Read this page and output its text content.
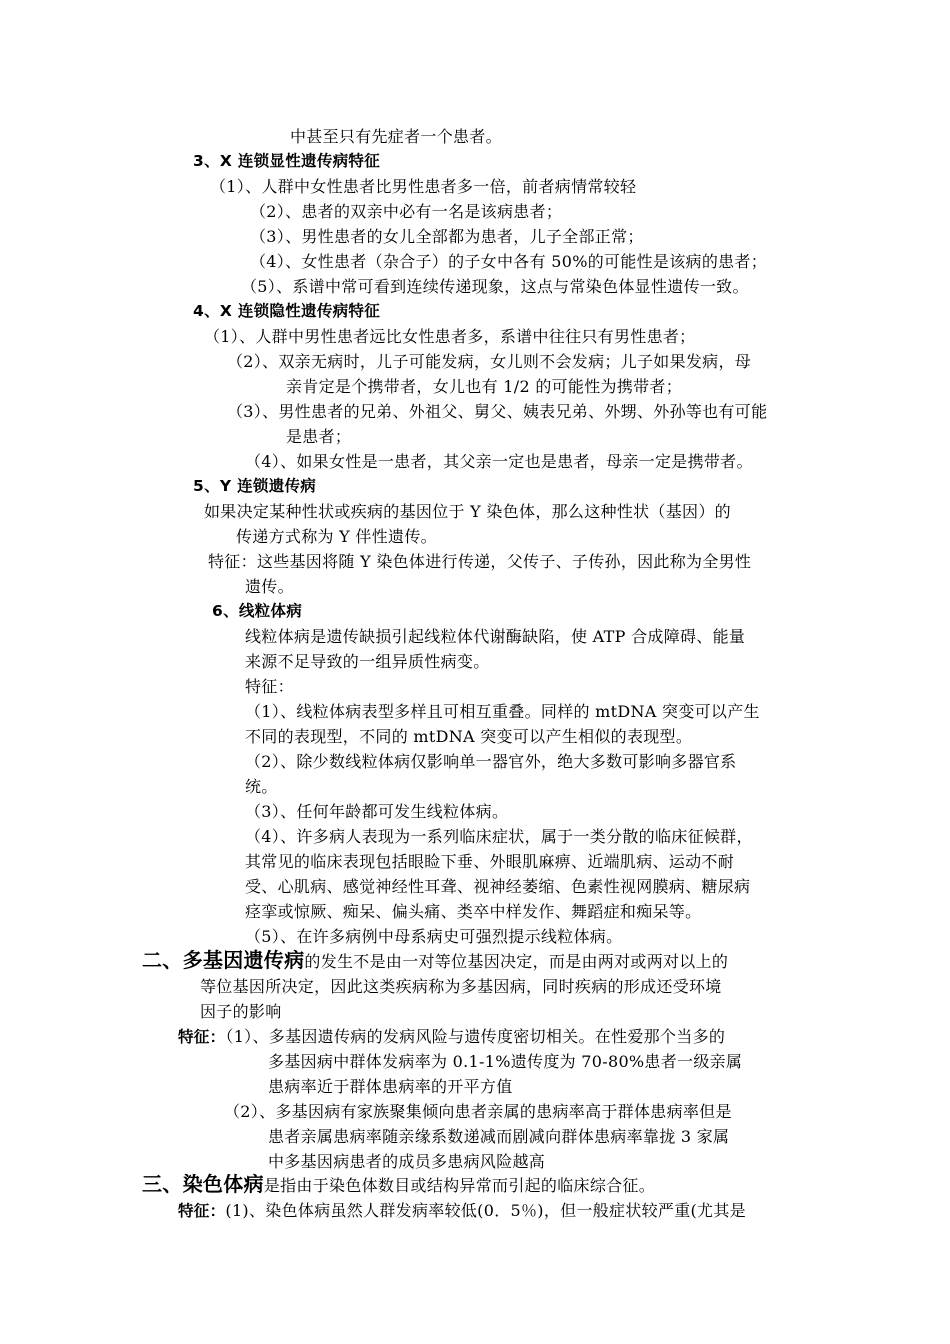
中甚至只有先症者一个患者。
3、X 连锁显性遗传病特征
（1）、人群中女性患者比男性患者多一倍，前者病情常较轻
（2）、患者的双亲中必有一名是该病患者；
（3）、男性患者的女儿全部都为患者，儿子全部正常；
（4）、女性患者（杂合子）的子女中各有 50%的可能性是该病的患者；
（5）、系谱中常可看到连续传递现象，这点与常染色体显性遗传一致。
4、X 连锁隐性遗传病特征
（1）、人群中男性患者远比女性患者多，系谱中往往只有男性患者；
（2）、双亲无病时，儿子可能发病，女儿则不会发病；儿子如果发病，母
亲肯定是个携带者，女儿也有 1/2 的可能性为携带者；
（3）、男性患者的兄弟、外祖父、舅父、姨表兄弟、外甥、外孙等也有可能
是患者；
（4）、如果女性是一患者，其父亲一定也是患者，母亲一定是携带者。
5、Y 连锁遗传病
如果决定某种性状或疾病的基因位于 Y 染色体，那么这种性状（基因）的
传递方式称为 Y 伴性遗传。
特征：这些基因将随 Y 染色体进行传递，父传子、子传孙，因此称为全男性
遗传。
6、线粒体病
线粒体病是遗传缺损引起线粒体代谢酶缺陷，使 ATP 合成障碍、能量
来源不足导致的一组异质性病变。
特征：
（1）、线粒体病表型多样且可相互重叠。同样的 mtDNA 突变可以产生
不同的表现型，不同的 mtDNA 突变可以产生相似的表现型。
（2）、除少数线粒体病仅影响单一器官外，绝大多数可影响多器官系
统。
（3）、任何年龄都可发生线粒体病。
（4）、许多病人表现为一系列临床症状，属于一类分散的临床征候群，
其常见的临床表现包括眼睑下垂、外眼肌麻痹、近端肌病、运动不耐
受、心肌病、感觉神经性耳聋、视神经萎缩、色素性视网膜病、糖尿病
痉挛或惊厥、痴呆、偏头痛、类卒中样发作、舞蹈症和痴呆等。
（5）、在许多病例中母系病史可强烈提示线粒体病。
二、多基因遗传病的发生不是由一对等位基因决定，而是由两对或两对以上的
等位基因所决定，因此这类疾病称为多基因病，同时疾病的形成还受环境
因子的影响
特征：（1）、多基因遗传病的发病风险与遗传度密切相关。在性爱那个当多的
多基因病中群体发病率为 0.1-1%遗传度为 70-80%患者一级亲属
患病率近于群体患病率的开平方值
（2）、多基因病有家族聚集倾向患者亲属的患病率高于群体患病率但是
患者亲属患病率随亲缘系数递减而剧减向群体患病率靠拢 3 家属
中多基因病患者的成员多患病风险越高
三、染色体病是指由于染色体数目或结构异常而引起的临床综合征。
特征：(1)、染色体病虽然人群发病率较低(0．5％)，但一般症状较严重(尤其是
